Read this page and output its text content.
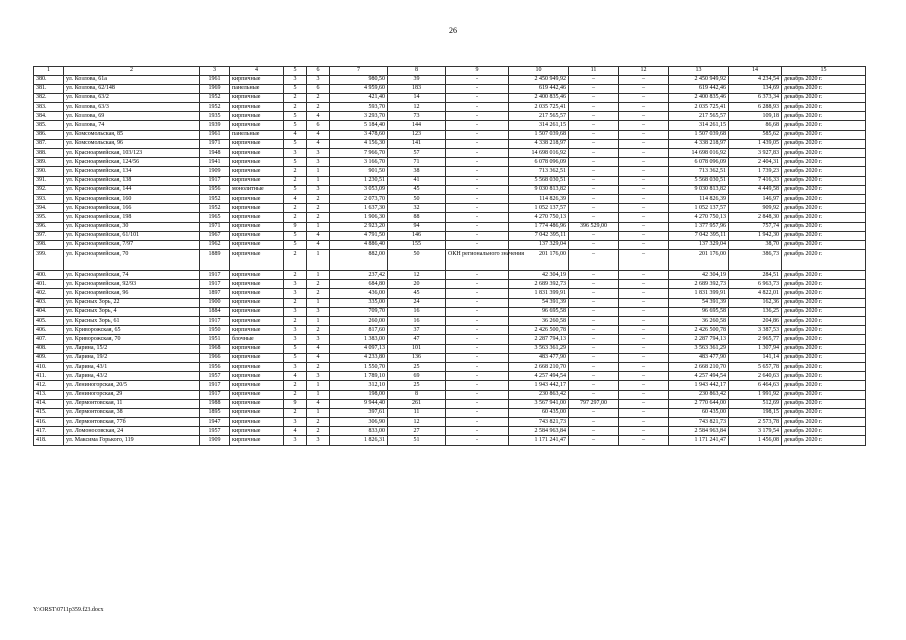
26
1	2	3	4	5	6	7	8	9	10	11	12	13	14	15
380.	ул. Козлова, 61а	1961	кирпичные	3	3	980,50	39	-	2 450 949,92	–	–	2 450 949,92	4 234,54	декабрь 2020 г.
381.	ул. Козлова, 62/148	1969	панельные	5	6	4 959,60	183	-	619 442,46	–	–	619 442,46	134,69	декабрь 2020 г.
382.	ул. Козлова, 63/2	1952	кирпичные	2	2	421,40	14	-	2 400 835,46	–	–	2 400 835,46	6 373,34	декабрь 2020 г.
383.	ул. Козлова, 63/3	1952	кирпичные	2	2	593,70	12	-	2 035 725,41	–	–	2 035 725,41	6 288,93	декабрь 2020 г.
384.	ул. Козлова, 69	1935	кирпичные	5	4	3 293,70	73	-	217 565,57	–	–	217 565,57	109,18	декабрь 2020 г.
385.	ул. Козлова, 74	1939	кирпичные	5	6	5 184,40	144	-	314 261,15	–	–	314 261,15	86,68	декабрь 2020 г.
386.	ул. Комсомольская, 85	1961	панельные	4	4	3 478,60	123	-	1 507 039,68	–	–	1 507 039,68	585,62	декабрь 2020 г.
387.	ул. Комсомольская, 96	1971	кирпичные	5	4	4 156,30	141	-	4 338 218,97	–	–	4 338 218,97	1 439,05	декабрь 2020 г.
388.	ул. Красноармейская, 103/123	1948	кирпичные	3	3	7 966,70	57	-	14 698 016,92	–	–	14 698 016,92	3 927,83	декабрь 2020 г.
389.	ул. Красноармейская, 124/56	1941	кирпичные	5	3	3 166,70	71	-	6 078 096,09	–	–	6 078 096,09	2 404,31	декабрь 2020 г.
390.	ул. Красноармейская, 134	1909	кирпичные	2	1	901,50	38	-	713 362,51	–	–	713 362,51	1 739,23	декабрь 2020 г.
391.	ул. Красноармейская, 138	1917	кирпичные	2	1	1 230,51	41	-	5 568 030,51	–	–	5 568 030,51	7 416,33	декабрь 2020 г.
392.	ул. Красноармейская, 144	1956	монолитные	5	3	3 053,09	45	-	9 030 813,82	–	–	9 030 813,82	4 449,58	декабрь 2020 г.
393.	ул. Красноармейская, 160	1952	кирпичные	4	2	2 073,70	50	-	114 826,39	–	–	114 826,39	146,97	декабрь 2020 г.
394.	ул. Красноармейская, 166	1952	кирпичные	2	2	1 637,30	32	-	1 052 137,57	–	–	1 052 137,57	909,92	декабрь 2020 г.
395.	ул. Красноармейская, 198	1965	кирпичные	2	2	1 906,30	88	-	4 270 750,13	–	–	4 270 750,13	2 848,30	декабрь 2020 г.
396.	ул. Красноармейская, 30	1971	кирпичные	9	1	2 923,20	94	-	1 774 486,96	396 529,00	–	1 377 957,96	757,74	декабрь 2020 г.
397.	ул. Красноармейская, 61/101	1967	кирпичные	5	4	4 791,50	146	-	7 042 395,11	–	–	7 042 395,11	1 942,30	декабрь 2020 г.
398.	ул. Красноармейская, 7/97	1962	кирпичные	5	4	4 886,40	155	-	137 329,04	–	–	137 329,04	38,70	декабрь 2020 г.
399.	ул. Красноармейская, 70	1889	кирпичные	2	1	882,00	50	ОКН регионального значения	201 176,00	–	–	201 176,00	386,73	декабрь 2020 г.
400.	ул. Красноармейская, 74	1917	кирпичные	2	1	237,42	12	-	42 304,19	–	–	42 304,19	284,51	декабрь 2020 г.
401.	ул. Красноармейская, 92/93	1917	кирпичные	3	2	684,80	20	-	2 689 392,73	–	–	2 689 392,73	6 963,73	декабрь 2020 г.
402.	ул. Красноармейская, 96	1897	кирпичные	3	2	436,00	45	-	1 831 399,91	–	–	1 831 399,91	4 822,01	декабрь 2020 г.
403.	ул. Красных Зорь, 22	1900	кирпичные	2	1	335,00	24	-	54 391,39	–	–	54 391,39	162,36	декабрь 2020 г.
404.	ул. Красных Зорь, 4	1884	кирпичные	3	3	709,70	16	-	96 695,58	–	–	96 695,58	136,25	декабрь 2020 г.
405.	ул. Красных Зорь, 61	1917	кирпичные	2	1	260,00	16	-	36 260,58	–	–	36 260,58	204,86	декабрь 2020 г.
406.	ул. Криворожская, 65	1950	кирпичные	3	2	817,60	37	-	2 426 500,78	–	–	2 426 500,78	3 387,53	декабрь 2020 г.
407.	ул. Криворожская, 70	1951	блочные	3	3	1 383,00	47	-	2 287 794,13	–	–	2 287 794,13	2 965,77	декабрь 2020 г.
408.	ул. Ларина, 15/2	1968	кирпичные	5	4	4 097,13	101	-	3 563 361,29	–	–	3 563 361,29	1 307,94	декабрь 2020 г.
409.	ул. Ларина, 19/2	1966	кирпичные	5	4	4 233,80	136	-	483 477,90	–	–	483 477,90	141,14	декабрь 2020 г.
410.	ул. Ларина, 43/1	1956	кирпичные	3	2	1 550,70	25	-	2 668 210,70	–	–	2 668 210,70	5 657,78	декабрь 2020 г.
411.	ул. Ларина, 43/2	1957	кирпичные	4	3	1 789,10	69	-	4 257 494,54	–	–	4 257 494,54	2 640,63	декабрь 2020 г.
412.	ул. Лениногорская, 20/5	1917	кирпичные	2	1	312,10	25	-	1 943 442,17	–	–	1 943 442,17	6 464,63	декабрь 2020 г.
413.	ул. Лениногорская, 29	1917	кирпичные	2	1	198,00	8	-	230 863,42	–	–	230 863,42	1 991,92	декабрь 2020 г.
414.	ул. Лермонтовская, 11	1988	кирпичные	9	4	9 944,40	261	-	3 567 941,00	797 297,00	–	2 770 644,00	512,69	декабрь 2020 г.
415.	ул. Лермонтовская, 38	1895	кирпичные	2	1	397,61	11	-	60 435,00	–	–	60 435,00	198,15	декабрь 2020 г.
416.	ул. Лермонтовская, 77б	1947	кирпичные	3	2	306,90	12	-	743 821,73	–	–	743 821,73	2 573,78	декабрь 2020 г.
417.	ул. Ломоносовская, 24	1957	кирпичные	4	2	833,00	27	-	2 584 963,84	–	–	2 584 963,84	3 179,54	декабрь 2020 г.
418.	ул. Максима Горького, 119	1909	кирпичные	3	3	1 826,31	51	-	1 171 241,47	–	–	1 171 241,47	1 456,08	декабрь 2020 г.
Y:\ORST\0711p359.f23.docx
